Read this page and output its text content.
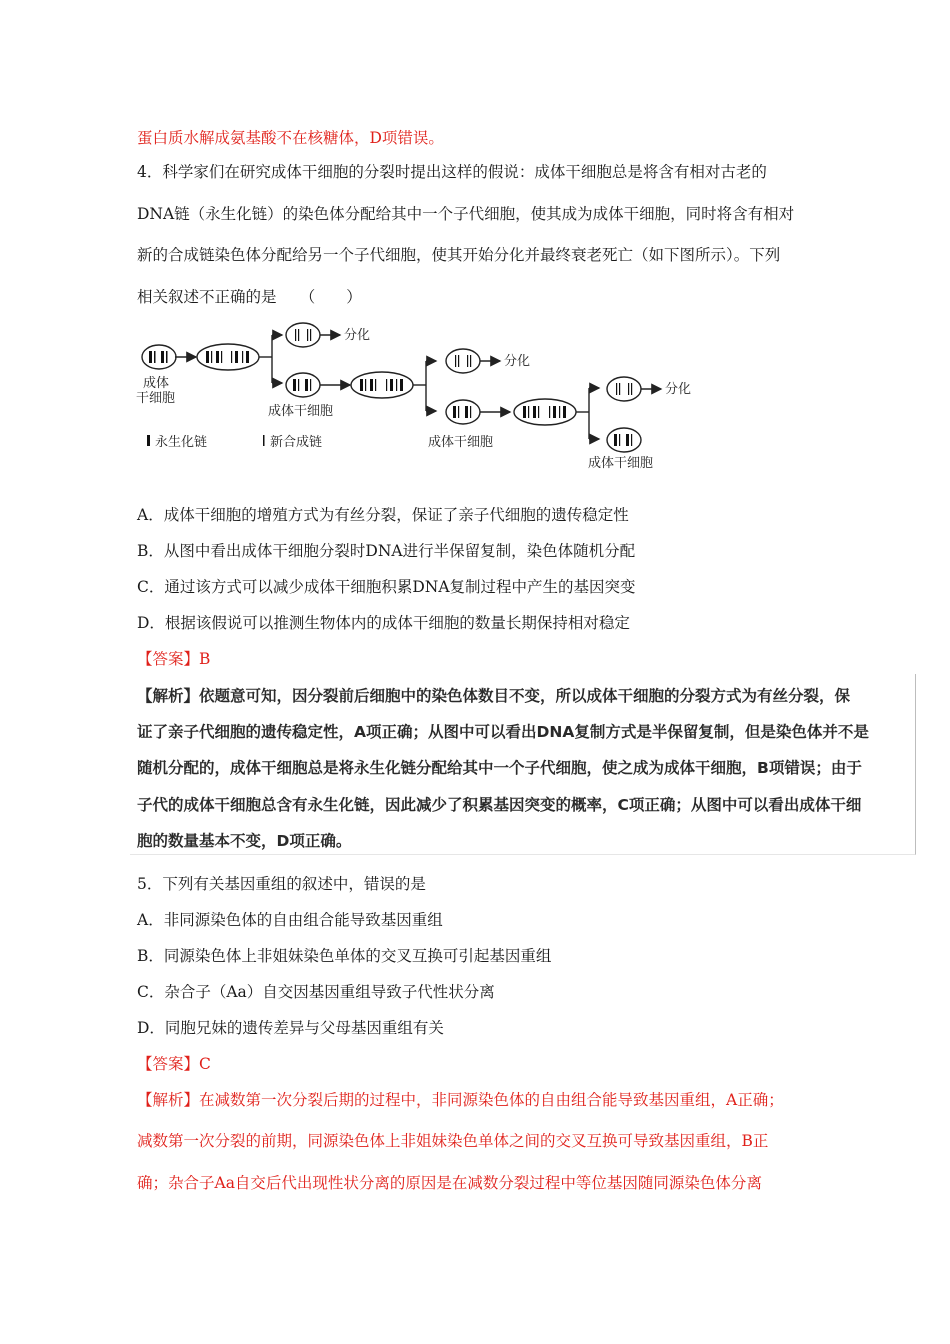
蛋白质水解成氨基酸不在核糖体，D项错误。
4．科学家们在研究成体干细胞的分裂时提出这样的假说：成体干细胞总是将含有相对古老的
DNA链（永生化链）的染色体分配给其中一个子代细胞，使其成为成体干细胞，同时将含有相对
新的合成链染色体分配给另一个子代细胞，使其开始分化并最终衰老死亡（如下图所示）。下列
相关叙述不正确的是　　（　　）
成体
干细胞
分化
成体干细胞
分化
成体干细胞
分化
成体干细胞
永生化链	新合成链
A．成体干细胞的增殖方式为有丝分裂，保证了亲子代细胞的遗传稳定性
B．从图中看出成体干细胞分裂时DNA进行半保留复制，染色体随机分配
C．通过该方式可以减少成体干细胞积累DNA复制过程中产生的基因突变
D．根据该假说可以推测生物体内的成体干细胞的数量长期保持相对稳定
【答案】B
【解析】依题意可知，因分裂前后细胞中的染色体数目不变，所以成体干细胞的分裂方式为有丝分裂，保
证了亲子代细胞的遗传稳定性，A项正确；从图中可以看出DNA复制方式是半保留复制，但是染色体并不是
随机分配的，成体干细胞总是将永生化链分配给其中一个子代细胞，使之成为成体干细胞，B项错误；由于
子代的成体干细胞总含有永生化链，因此减少了积累基因突变的概率，C项正确；从图中可以看出成体干细
胞的数量基本不变，D项正确。
5．下列有关基因重组的叙述中，错误的是
A．非同源染色体的自由组合能导致基因重组
B．同源染色体上非姐妹染色单体的交叉互换可引起基因重组
C．杂合子（Aa）自交因基因重组导致子代性状分离
D．同胞兄妹的遗传差异与父母基因重组有关
【答案】C
【解析】在减数第一次分裂后期的过程中，非同源染色体的自由组合能导致基因重组，A正确；
减数第一次分裂的前期，同源染色体上非姐妹染色单体之间的交叉互换可导致基因重组，B正
确；杂合子Aa自交后代出现性状分离的原因是在减数分裂过程中等位基因随同源染色体分离
